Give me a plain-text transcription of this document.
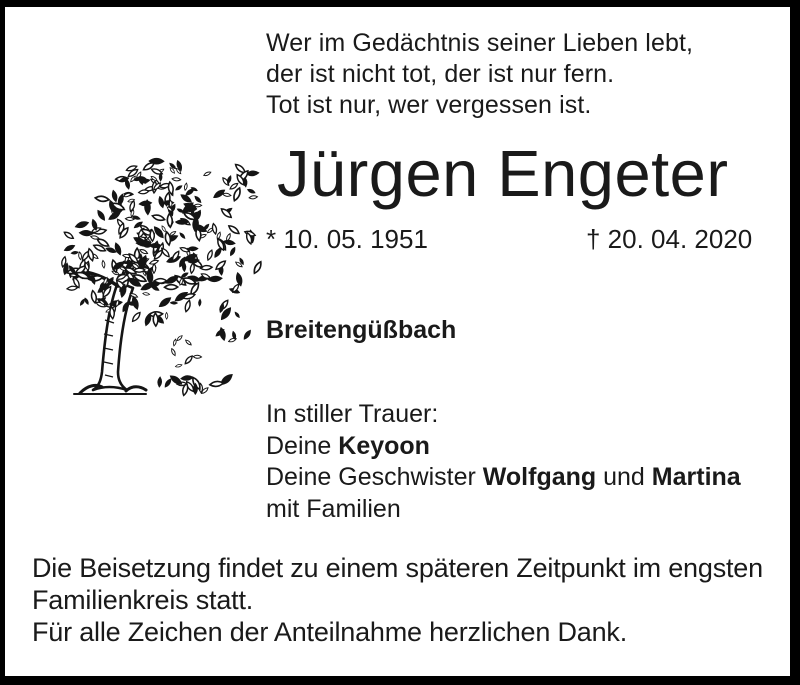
Wer im Gedächtnis seiner Lieben lebt,
der ist nicht tot, der ist nur fern.
Tot ist nur, wer vergessen ist.
Jürgen Engeter
* 10. 05. 1951	† 20. 04. 2020
Breitengüßbach
In stiller Trauer:
Deine Keyoon
Deine Geschwister Wolfgang und Martina
mit Familien
Die Beisetzung findet zu einem späteren Zeitpunkt im engsten
Familienkreis statt.
Für alle Zeichen der Anteilnahme herzlichen Dank.
